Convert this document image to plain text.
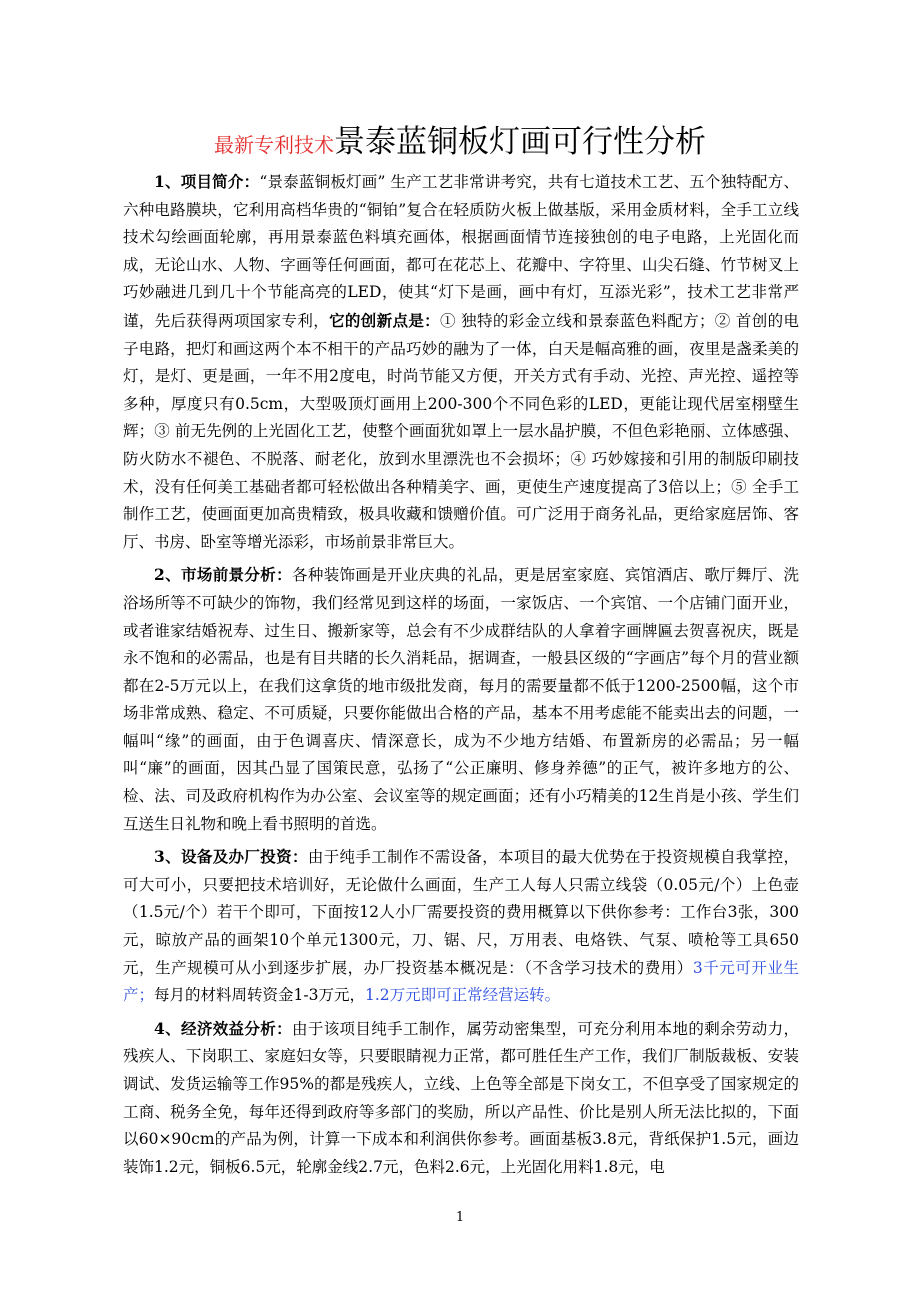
最新专利技术景泰蓝铜板灯画可行性分析

1、项目简介：“景泰蓝铜板灯画” 生产工艺非常讲考究，共有七道技术工艺、五个独特配方、六种电路膜块，它利用高档华贵的“铜铂”复合在轻质防火板上做基版，采用金质材料，全手工立线技术勾绘画面轮廓，再用景泰蓝色料填充画体，根据画面情节连接独创的电子电路，上光固化而成，无论山水、人物、字画等任何画面，都可在花芯上、花瓣中、字符里、山尖石缝、竹节树叉上巧妙融进几到几十个节能高亮的LED，使其“灯下是画，画中有灯，互添光彩”，技术工艺非常严谨，先后获得两项国家专利，它的创新点是：① 独特的彩金立线和景泰蓝色料配方；② 首创的电子电路，把灯和画这两个本不相干的产品巧妙的融为了一体，白天是幅高雅的画，夜里是盏柔美的灯，是灯、更是画，一年不用2度电，时尚节能又方便，开关方式有手动、光控、声光控、遥控等多种，厚度只有0.5cm，大型吸顶灯画用上200-300个不同色彩的LED，更能让现代居室栩壁生辉；③ 前无先例的上光固化工艺，使整个画面犹如罩上一层水晶护膜，不但色彩艳丽、立体感强、防火防水不褪色、不脱落、耐老化，放到水里漂洗也不会损坏；④ 巧妙嫁接和引用的制版印刷技术，没有任何美工基础者都可轻松做出各种精美字、画，更使生产速度提高了3倍以上；⑤ 全手工制作工艺，使画面更加高贵精致，极具收藏和馈赠价值。可广泛用于商务礼品，更给家庭居饰、客厅、书房、卧室等增光添彩，市场前景非常巨大。

2、市场前景分析：各种装饰画是开业庆典的礼品，更是居室家庭、宾馆酒店、歌厅舞厅、洗浴场所等不可缺少的饰物，我们经常见到这样的场面，一家饭店、一个宾馆、一个店铺门面开业，或者谁家结婚祝寿、过生日、搬新家等，总会有不少成群结队的人拿着字画牌匾去贺喜祝庆，既是永不饱和的必需品，也是有目共睹的长久消耗品，据调查，一般县区级的“字画店”每个月的营业额都在2-5万元以上，在我们这拿货的地市级批发商，每月的需要量都不低于1200-2500幅，这个市场非常成熟、稳定、不可质疑，只要你能做出合格的产品，基本不用考虑能不能卖出去的问题，一幅叫“缘”的画面，由于色调喜庆、情深意长，成为不少地方结婚、布置新房的必需品；另一幅叫“廉”的画面，因其凸显了国策民意，弘扬了“公正廉明、修身养德”的正气，被许多地方的公、检、法、司及政府机构作为办公室、会议室等的规定画面；还有小巧精美的12生肖是小孩、学生们互送生日礼物和晚上看书照明的首选。

3、设备及办厂投资：由于纯手工制作不需设备，本项目的最大优势在于投资规模自我掌控，可大可小，只要把技术培训好，无论做什么画面，生产工人每人只需立线袋（0.05元/个）上色壶（1.5元/个）若干个即可，下面按12人小厂需要投资的费用概算以下供你参考：工作台3张，300元，晾放产品的画架10个单元1300元，刀、锯、尺，万用表、电烙铁、气泵、喷枪等工具650元，生产规模可从小到逐步扩展，办厂投资基本概况是：（不含学习技术的费用）3千元可开业生产；每月的材料周转资金1-3万元，1.2万元即可正常经营运转。

4、经济效益分析：由于该项目纯手工制作，属劳动密集型，可充分利用本地的剩余劳动力，残疾人、下岗职工、家庭妇女等，只要眼睛视力正常，都可胜任生产工作，我们厂制版裁板、安装调试、发货运输等工作95%的都是残疾人，立线、上色等全部是下岗女工，不但享受了国家规定的工商、税务全免，每年还得到政府等多部门的奖励，所以产品性、价比是别人所无法比拟的，下面以60×90cm的产品为例，计算一下成本和利润供你参考。画面基板3.8元，背纸保护1.5元，画边装饰1.2元，铜板6.5元，轮廓金线2.7元，色料2.6元，上光固化用料1.8元，电

1
